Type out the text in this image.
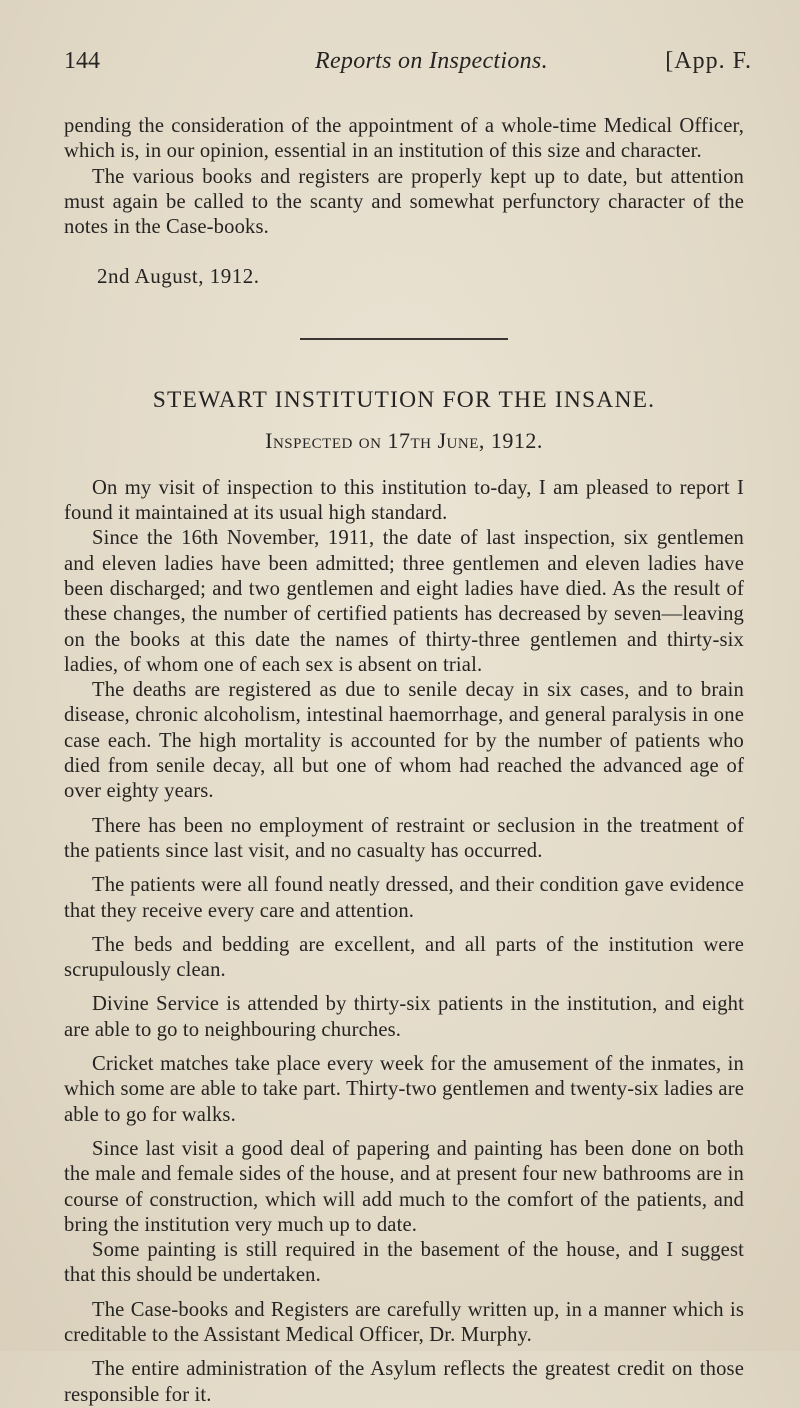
144	Reports on Inspections.	[App. F.

pending the consideration of the appointment of a whole-time Medical Officer, which is, in our opinion, essential in an institution of this size and character.

The various books and registers are properly kept up to date, but attention must again be called to the scanty and somewhat perfunctory character of the notes in the Case-books.

2nd August, 1912.
STEWART INSTITUTION FOR THE INSANE.
Inspected on 17th June, 1912.

On my visit of inspection to this institution to-day, I am pleased to report I found it maintained at its usual high standard.

Since the 16th November, 1911, the date of last inspection, six gentlemen and eleven ladies have been admitted; three gentlemen and eleven ladies have been discharged; and two gentlemen and eight ladies have died. As the result of these changes, the number of certified patients has decreased by seven—leaving on the books at this date the names of thirty-three gentlemen and thirty-six ladies, of whom one of each sex is absent on trial.

The deaths are registered as due to senile decay in six cases, and to brain disease, chronic alcoholism, intestinal haemorrhage, and general paralysis in one case each. The high mortality is accounted for by the number of patients who died from senile decay, all but one of whom had reached the advanced age of over eighty years.

There has been no employment of restraint or seclusion in the treatment of the patients since last visit, and no casualty has occurred.

The patients were all found neatly dressed, and their condition gave evidence that they receive every care and attention.

The beds and bedding are excellent, and all parts of the institution were scrupulously clean.

Divine Service is attended by thirty-six patients in the institution, and eight are able to go to neighbouring churches.

Cricket matches take place every week for the amusement of the inmates, in which some are able to take part. Thirty-two gentlemen and twenty-six ladies are able to go for walks.

Since last visit a good deal of papering and painting has been done on both the male and female sides of the house, and at present four new bathrooms are in course of construction, which will add much to the comfort of the patients, and bring the institution very much up to date.

Some painting is still required in the basement of the house, and I suggest that this should be undertaken.

The Case-books and Registers are carefully written up, in a manner which is creditable to the Assistant Medical Officer, Dr. Murphy.

The entire administration of the Asylum reflects the greatest credit on those responsible for it.
